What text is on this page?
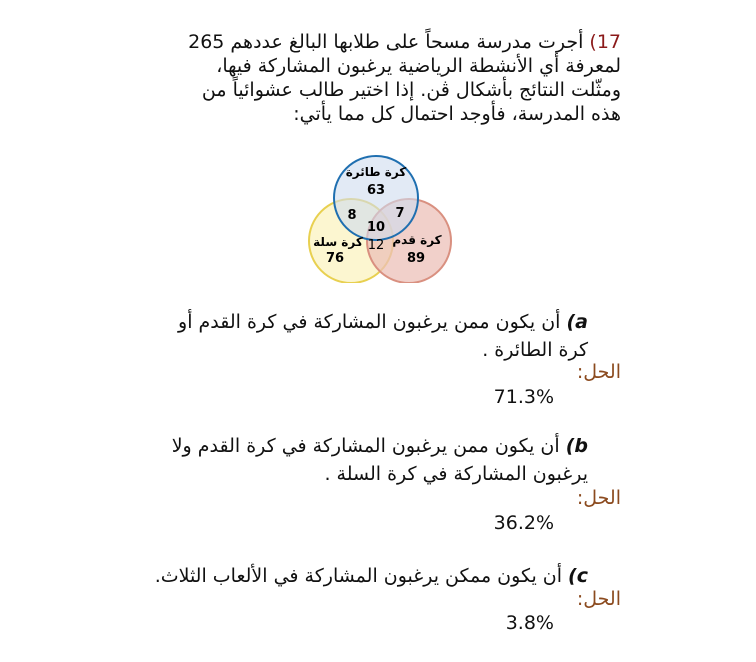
17) أجرت مدرسة مسحاً على طلابها البالغ عددهم 265
لمعرفة أي الأنشطة الرياضية يرغبون المشاركة فيها،
ومثّلت النتائج بأشكال ڤن. إذا اختير طالب عشوائياً من
هذه المدرسة، فأوجد احتمال كل مما يأتي:
كرة طائرة
63
8	7
10
12
كرة سلة
76
كرة قدم
89
a) أن يكون ممن يرغبون المشاركة في كرة القدم أو
كرة الطائرة .
الحل:
71.3%
b) أن يكون ممن يرغبون المشاركة في كرة القدم ولا
يرغبون المشاركة في كرة السلة .
الحل:
36.2%
c) أن يكون ممكن يرغبون المشاركة في الألعاب الثلاث.
الحل:
3.8%
